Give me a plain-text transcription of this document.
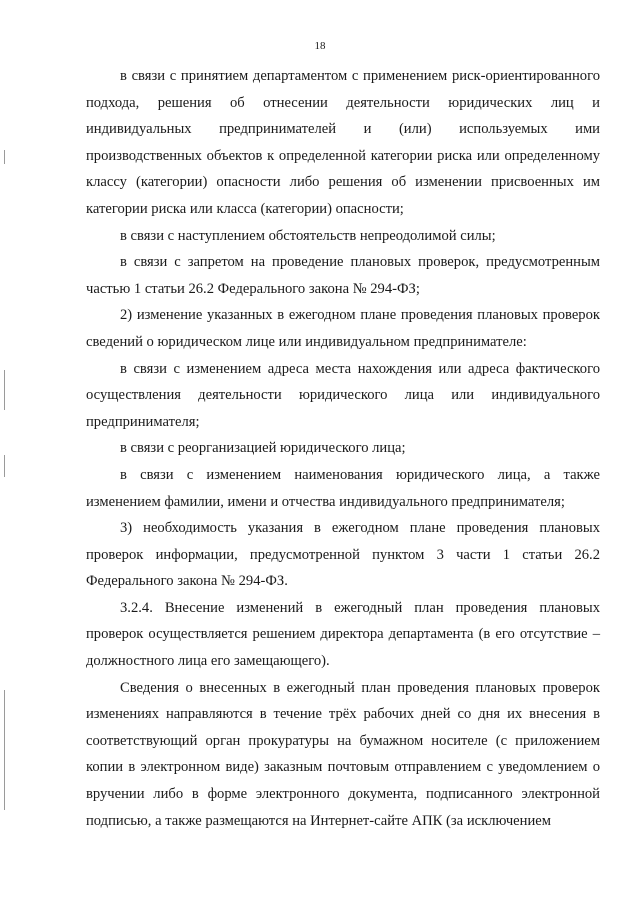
18

в связи с принятием департаментом с применением риск-ориентированного подхода, решения об отнесении деятельности юридических лиц и индивидуальных предпринимателей и (или) используемых ими производственных объектов к определенной категории риска или определенному классу (категории) опасности либо решения об изменении присвоенных им категории риска или класса (категории) опасности;

в связи с наступлением обстоятельств непреодолимой силы;

в связи с запретом на проведение плановых проверок, предусмотренным частью 1 статьи 26.2 Федерального закона № 294-ФЗ;

2) изменение указанных в ежегодном плане проведения плановых проверок сведений о юридическом лице или индивидуальном предпринимателе:

в связи с изменением адреса места нахождения или адреса фактического осуществления деятельности юридического лица или индивидуального предпринимателя;

в связи с реорганизацией юридического лица;

в связи с изменением наименования юридического лица, а также изменением фамилии, имени и отчества индивидуального предпринимателя;

3) необходимость указания в ежегодном плане проведения плановых проверок информации, предусмотренной пунктом 3 части 1 статьи 26.2 Федерального закона № 294-ФЗ.

3.2.4. Внесение изменений в ежегодный план проведения плановых проверок осуществляется решением директора департамента (в его отсутствие – должностного лица его замещающего).

Сведения о внесенных в ежегодный план проведения плановых проверок изменениях направляются в течение трёх рабочих дней со дня их внесения в соответствующий орган прокуратуры на бумажном носителе (с приложением копии в электронном виде) заказным почтовым отправлением с уведомлением о вручении либо в форме электронного документа, подписанного электронной подписью, а также размещаются на Интернет-сайте АПК (за исключением
